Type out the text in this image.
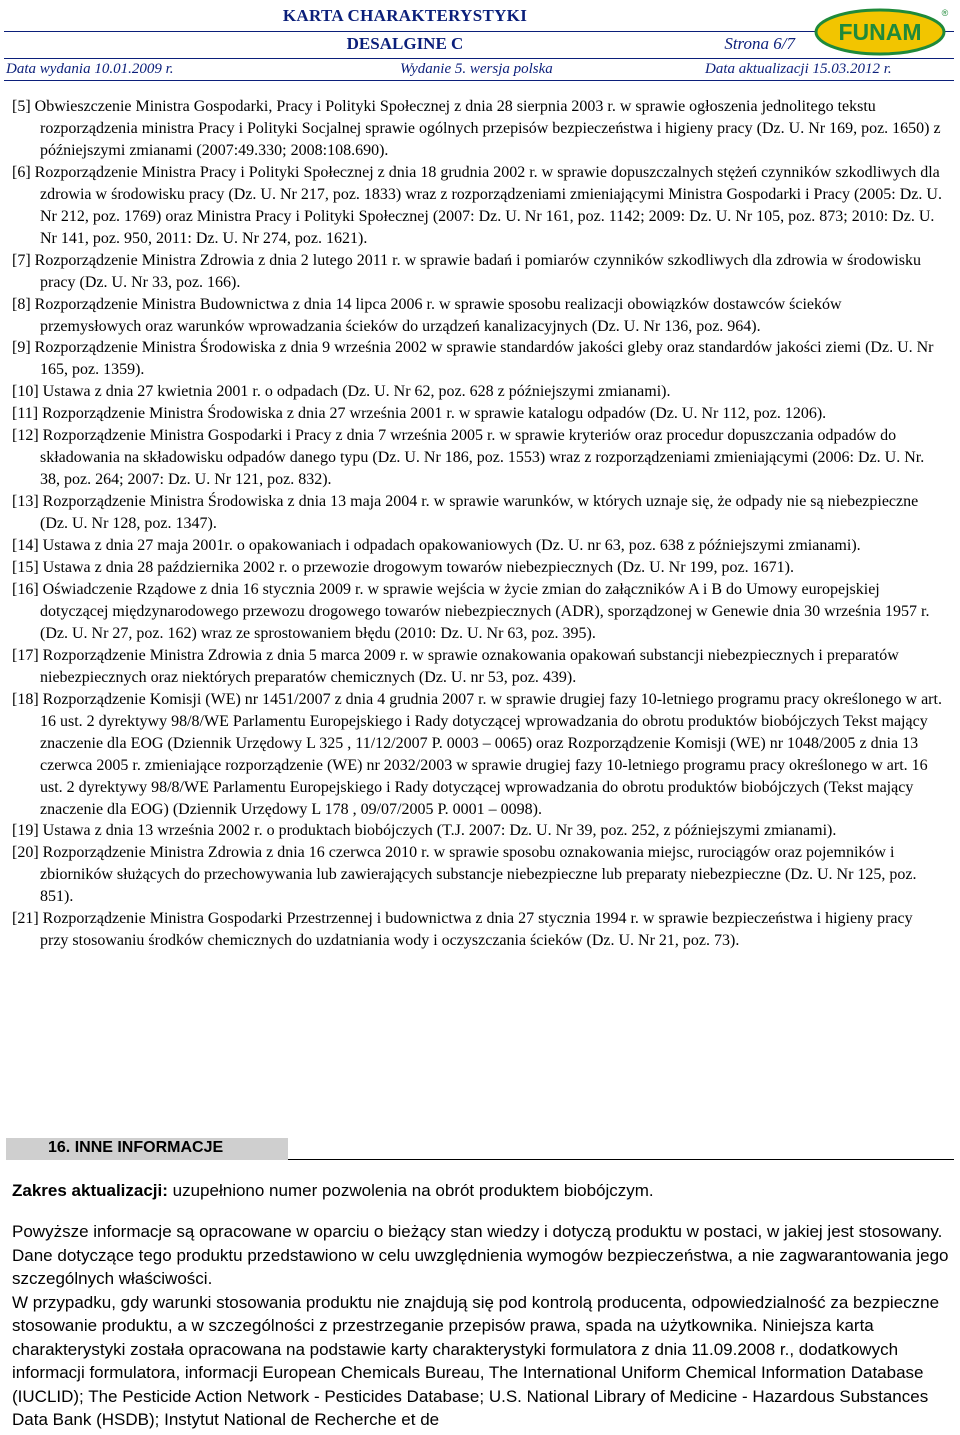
KARTA CHARAKTERYSTYKI
DESALGINE C	Strona 6/7
Data wydania 10.01.2009 r.	Wydanie 5. wersja polska	Data aktualizacji 15.03.2012 r.
FUNAM
®
[5] Obwieszczenie Ministra Gospodarki, Pracy i Polityki Społecznej z dnia 28 sierpnia 2003 r. w sprawie ogłoszenia jednolitego tekstu rozporządzenia ministra Pracy i Polityki Socjalnej sprawie ogólnych przepisów bezpieczeństwa i higieny pracy (Dz. U. Nr 169, poz. 1650) z późniejszymi zmianami (2007:49.330; 2008:108.690).
[6] Rozporządzenie Ministra Pracy i Polityki Społecznej z dnia 18 grudnia 2002 r. w sprawie dopuszczalnych stężeń czynników szkodliwych dla zdrowia w środowisku pracy (Dz. U. Nr 217, poz. 1833) wraz z rozporządzeniami zmieniającymi Ministra Gospodarki i Pracy (2005: Dz. U. Nr 212, poz. 1769) oraz Ministra Pracy i Polityki Społecznej (2007: Dz. U. Nr 161, poz. 1142; 2009: Dz. U. Nr 105, poz. 873; 2010: Dz. U. Nr 141, poz. 950, 2011: Dz. U. Nr 274, poz. 1621).
[7] Rozporządzenie Ministra Zdrowia z dnia 2 lutego 2011 r. w sprawie badań i pomiarów czynników szkodliwych dla zdrowia w środowisku pracy (Dz. U. Nr 33, poz. 166).
[8] Rozporządzenie Ministra Budownictwa z dnia 14 lipca 2006 r. w sprawie sposobu realizacji obowiązków dostawców ścieków przemysłowych oraz warunków wprowadzania ścieków do urządzeń kanalizacyjnych (Dz. U. Nr 136, poz. 964).
[9] Rozporządzenie Ministra Środowiska z dnia 9 września 2002 w sprawie standardów jakości gleby oraz standardów jakości ziemi (Dz. U. Nr 165, poz. 1359).
[10] Ustawa z dnia 27 kwietnia 2001 r. o odpadach (Dz. U. Nr 62, poz. 628 z późniejszymi zmianami).
[11] Rozporządzenie Ministra Środowiska z dnia 27 września 2001 r. w sprawie katalogu odpadów (Dz. U. Nr 112, poz. 1206).
[12] Rozporządzenie Ministra Gospodarki i Pracy z dnia 7 września 2005 r. w sprawie kryteriów oraz procedur dopuszczania odpadów do składowania na składowisku odpadów danego typu (Dz. U. Nr 186, poz. 1553) wraz z rozporządzeniami zmieniającymi (2006: Dz. U. Nr. 38, poz. 264; 2007: Dz. U. Nr 121, poz. 832).
[13] Rozporządzenie Ministra Środowiska z dnia 13 maja 2004 r. w sprawie warunków, w których uznaje się, że odpady nie są niebezpieczne (Dz. U. Nr 128, poz. 1347).
[14] Ustawa z dnia 27 maja 2001r. o opakowaniach i odpadach opakowaniowych (Dz. U. nr 63, poz. 638 z późniejszymi zmianami).
[15] Ustawa z dnia 28 października 2002 r. o przewozie drogowym towarów niebezpiecznych (Dz. U. Nr 199, poz. 1671).
[16] Oświadczenie Rządowe z dnia 16 stycznia 2009 r. w sprawie wejścia w życie zmian do załączników A i B do Umowy europejskiej dotyczącej międzynarodowego przewozu drogowego towarów niebezpiecznych (ADR), sporządzonej w Genewie dnia 30 września 1957 r. (Dz. U. Nr 27, poz. 162) wraz ze sprostowaniem błędu (2010: Dz. U. Nr 63, poz. 395).
[17] Rozporządzenie Ministra Zdrowia z dnia 5 marca 2009 r. w sprawie oznakowania opakowań substancji niebezpiecznych i preparatów niebezpiecznych oraz niektórych preparatów chemicznych (Dz. U. nr 53, poz. 439).
[18] Rozporządzenie Komisji (WE) nr 1451/2007 z dnia 4 grudnia 2007 r. w sprawie drugiej fazy 10-letniego programu pracy określonego w art. 16 ust. 2 dyrektywy 98/8/WE Parlamentu Europejskiego i Rady dotyczącej wprowadzania do obrotu produktów biobójczych Tekst mający znaczenie dla EOG (Dziennik Urzędowy L 325 , 11/12/2007 P. 0003 – 0065) oraz Rozporządzenie Komisji (WE) nr 1048/2005 z dnia 13 czerwca 2005 r. zmieniające rozporządzenie (WE) nr 2032/2003 w sprawie drugiej fazy 10-letniego programu pracy określonego w art. 16 ust. 2 dyrektywy 98/8/WE Parlamentu Europejskiego i Rady dotyczącej wprowadzania do obrotu produktów biobójczych (Tekst mający znaczenie dla EOG) (Dziennik Urzędowy L 178 , 09/07/2005 P. 0001 – 0098).
[19] Ustawa z dnia 13 września 2002 r. o produktach biobójczych (T.J. 2007: Dz. U. Nr 39, poz. 252, z późniejszymi zmianami).
[20] Rozporządzenie Ministra Zdrowia z dnia 16 czerwca 2010 r. w sprawie sposobu oznakowania miejsc, rurociągów oraz pojemników i zbiorników służących do przechowywania lub zawierających substancje niebezpieczne lub preparaty niebezpieczne (Dz. U. Nr 125, poz. 851).
[21] Rozporządzenie Ministra Gospodarki Przestrzennej i budownictwa z dnia 27 stycznia 1994 r. w sprawie bezpieczeństwa i higieny pracy przy stosowaniu środków chemicznych do uzdatniania wody i oczyszczania ścieków (Dz. U. Nr 21, poz. 73).
16. INNE INFORMACJE
Zakres aktualizacji: uzupełniono numer pozwolenia na obrót produktem biobójczym.

Powyższe informacje są opracowane w oparciu o bieżący stan wiedzy i dotyczą produktu w postaci, w jakiej jest stosowany. Dane dotyczące tego produktu przedstawiono w celu uwzględnienia wymogów bezpieczeństwa, a nie zagwarantowania jego szczególnych właściwości.

W przypadku, gdy warunki stosowania produktu nie znajdują się pod kontrolą producenta, odpowiedzialność za bezpieczne stosowanie produktu, a w szczególności z przestrzeganie przepisów prawa, spada na użytkownika. Niniejsza karta charakterystyki została opracowana na podstawie karty charakterystyki formulatora z dnia 11.09.2008 r., dodatkowych informacji formulatora, informacji European Chemicals Bureau, The International Uniform Chemical Information Database (IUCLID); The Pesticide Action Network - Pesticides Database; U.S. National Library of Medicine - Hazardous Substances Data Bank (HSDB); Instytut National de Recherche et de
